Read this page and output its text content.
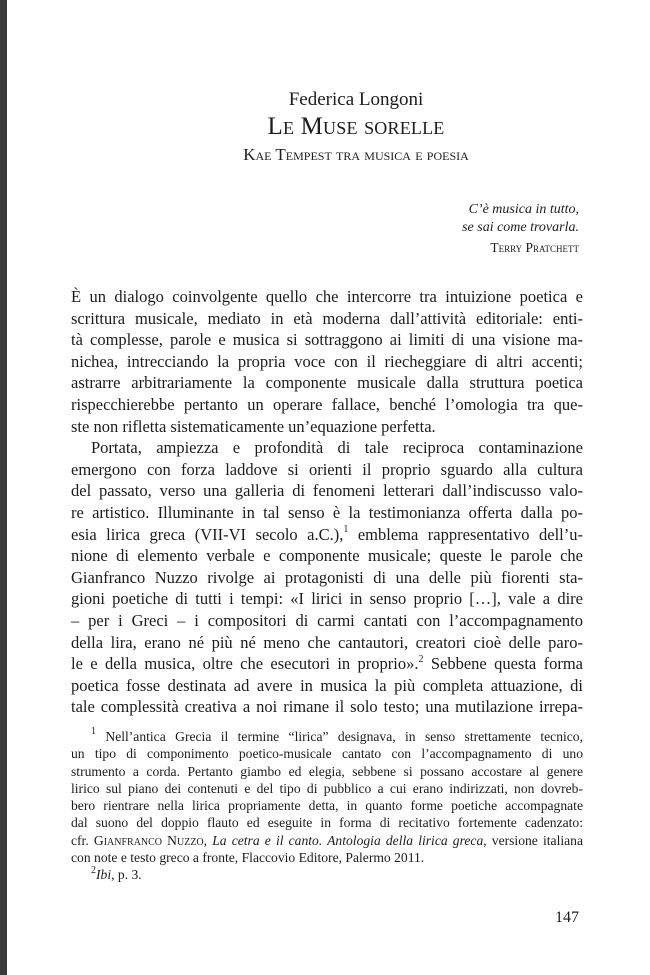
Federica Longoni
Le Muse sorelle
Kae Tempest tra musica e poesia
C’è musica in tutto,
se sai come trovarla.
Terry Pratchett
È un dialogo coinvolgente quello che intercorre tra intuizione poetica e
scrittura musicale, mediato in età moderna dall’attività editoriale: enti-
tà complesse, parole e musica si sottraggono ai limiti di una visione ma-
nichea, intrecciando la propria voce con il riecheggiare di altri accenti;
astrarre arbitrariamente la componente musicale dalla struttura poetica
rispecchierebbe pertanto un operare fallace, benché l’omologia tra que-
ste non rifletta sistematicamente un’equazione perfetta.
Portata, ampiezza e profondità di tale reciproca contaminazione
emergono con forza laddove si orienti il proprio sguardo alla cultura
del passato, verso una galleria di fenomeni letterari dall’indiscusso valo-
re artistico. Illuminante in tal senso è la testimonianza offerta dalla po-
esia lirica greca (VII-VI secolo a.C.),$^1$ emblema rappresentativo dell’u-
nione di elemento verbale e componente musicale; queste le parole che
Gianfranco Nuzzo rivolge ai protagonisti di una delle più fiorenti sta-
gioni poetiche di tutti i tempi: «I lirici in senso proprio […], vale a dire
– per i Greci – i compositori di carmi cantati con l’accompagnamento
della lira, erano né più né meno che cantautori, creatori cioè delle paro-
le e della musica, oltre che esecutori in proprio».$^2$ Sebbene questa forma
poetica fosse destinata ad avere in musica la più completa attuazione, di
tale complessità creativa a noi rimane il solo testo; una mutilazione irrepa-
$^1$ Nell’antica Grecia il termine “lirica” designava, in senso strettamente tecnico,
un tipo di componimento poetico-musicale cantato con l’accompagnamento di uno
strumento a corda. Pertanto giambo ed elegia, sebbene si possano accostare al genere
lirico sul piano dei contenuti e del tipo di pubblico a cui erano indirizzati, non dovreb-
bero rientrare nella lirica propriamente detta, in quanto forme poetiche accompagnate
dal suono del doppio flauto ed eseguite in forma di recitativo fortemente cadenzato:
cfr. Gianfranco Nuzzo, La cetra e il canto. Antologia della lirica greca, versione italiana
con note e testo greco a fronte, Flaccovio Editore, Palermo 2011.
$^2$Ibi, p. 3.
147
